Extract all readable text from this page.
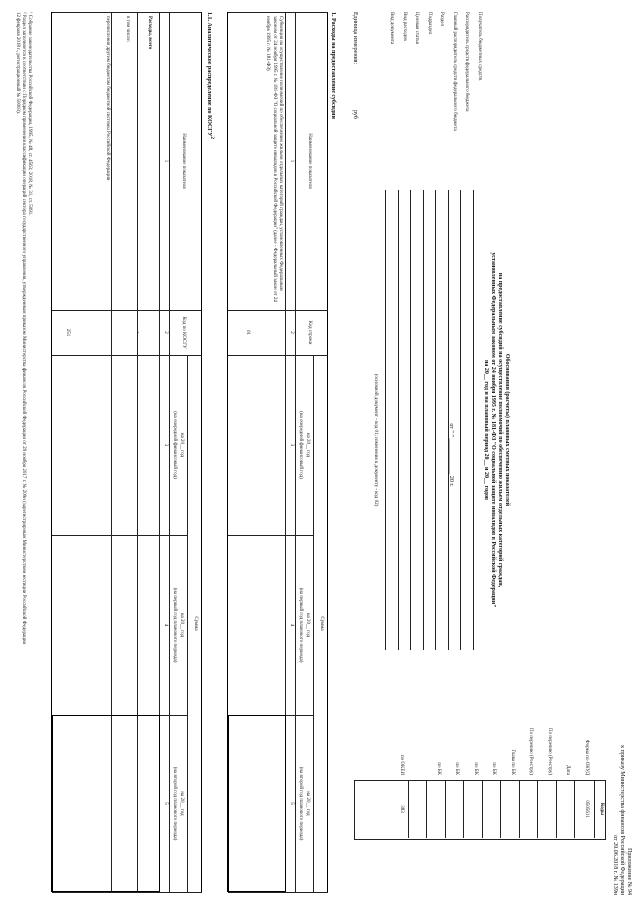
Приложение № 94
к приказу Министерства финансов Российской Федерации
от 20.06.2018 г. № 139н
Обоснования (расчеты) плановых сметных показателей
на предоставление субсидий на осуществление полномочий по обеспечению жильем отдельных категорий граждан,
установленных Федеральным законом от 24 ноября 1995 г. № 181-ФЗ "О социальной защите инвалидов в Российской Федерации"
на 20__ год и на плановый период 20__ и 20__ годов
от " " ____________ 20 г.
Коды
(основной документ - код 01; изменения к документу - код 02)
Единица измерения:
руб
1. Расходы на предоставление субсидии
1.1. Аналитическое распределение по КОСГУ$^2$
¹ Собрание законодательства Российской Федерации, 1995, № 48, ст. 4563; 2018, № 31, ст. 5091.
² Раздел заполняется в соответствии с Порядком применения классификации операций сектора государственного управления, утвержденным приказом Министерства финансов Российской Федерации от 29 ноября 2017 г. № 209н (зарегистрирован Министерством юстиции Российской Федерации
12 февраля 2018 г., регистрационный № 50003).
Форма по ОКУД
0505611
Дата
По перечню (Реестру)
По перечню (Реестру)
Глава по БК
по БК
по БК
по БК
по БК
по ОКЕИ
383
Получатель бюджетных средств
Распорядитель средств федерального бюджета
Главный распорядитель средств федерального бюджета
Раздел
Подраздел
Целевая статья
Вид расходов
Вид документа
Наименование показателя
Код строки
Сумма
на 20__ год
(на очередной финансовый год)
на 20__ год
(на первый год планового периода)
на 20__ год
(на второй год планового периода)
1
2
3
4
5
Субвенция на осуществление полномочий по обеспечению жильем отдельных категорий граждан, установленных Федеральным законом от 24 ноября 1995 г. № 181-ФЗ "О социальной защите инвалидов в Российской Федерации" (далее - Федеральный закон от 24 ноября 1995 г. № 181-ФЗ)
01
Наименование показателя
Код по КОСГУ
Сумма
на 20__ год
(на очередной финансовый год)
на 20__ год
(на первый год планового периода)
на 20__ год
(на второй год планового периода)
1
2
3
4
5
Расходы, всего
-
в том числе:
перечисления другим бюджетам бюджетной системы Российской Федерации
251
